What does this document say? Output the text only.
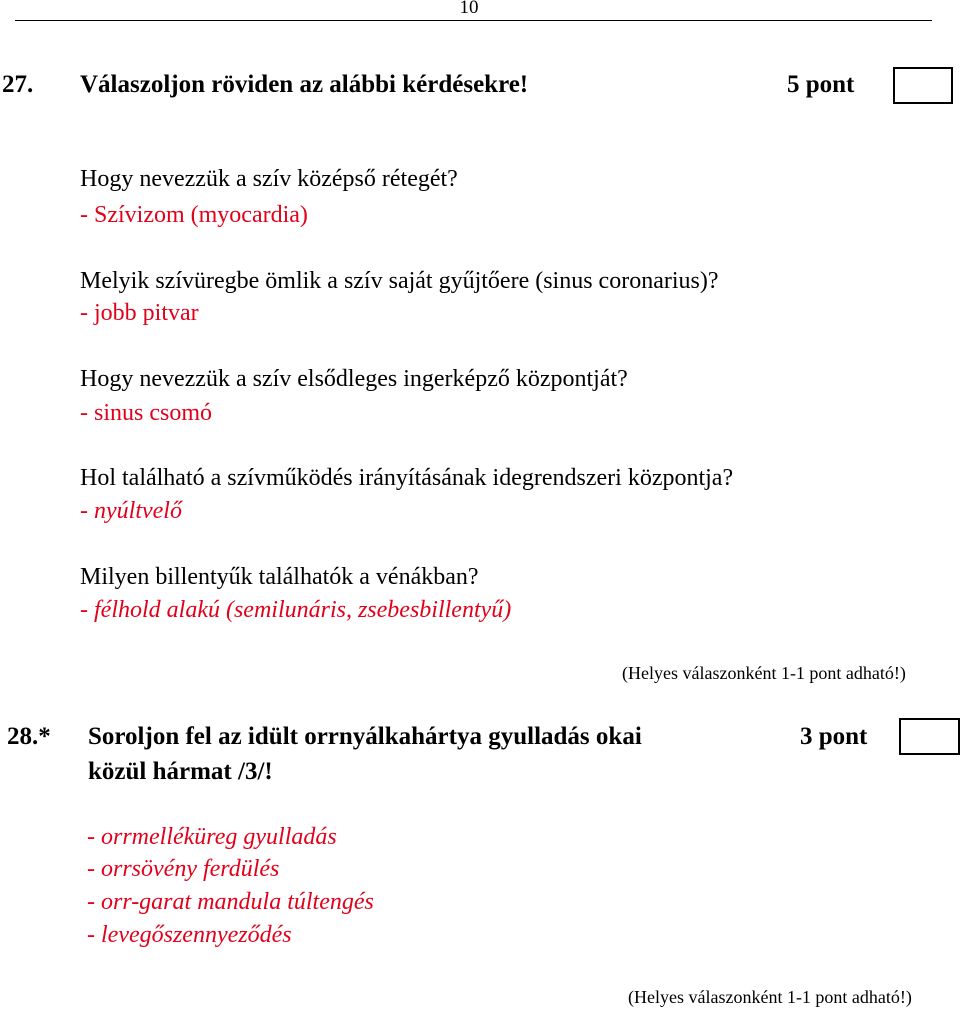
10
27. Válaszoljon röviden az alábbi kérdésekre!	5 pont
Hogy nevezzük a szív középső rétegét?
- Szívizom (myocardia)
Melyik szívüregbe ömlik a szív saját gyűjtőere (sinus coronarius)?
- jobb pitvar
Hogy nevezzük a szív elsődleges ingerképző központját?
- sinus csomó
Hol található a szívműködés irányításának idegrendszeri központja?
- nyúltvelő
Milyen billentyűk találhatók a vénákban?
- félhold alakú (semilunáris, zsebesbillentyű)
(Helyes válaszonként 1-1 pont adható!)
28.* Soroljon fel az idült orrnyálkahártya gyulladás okai
közül hármat /3/!
3 pont
- orrmelléküreg gyulladás
- orrsövény ferdülés
- orr-garat mandula túltengés
- levegőszennyeződés
(Helyes válaszonként 1-1 pont adható!)
